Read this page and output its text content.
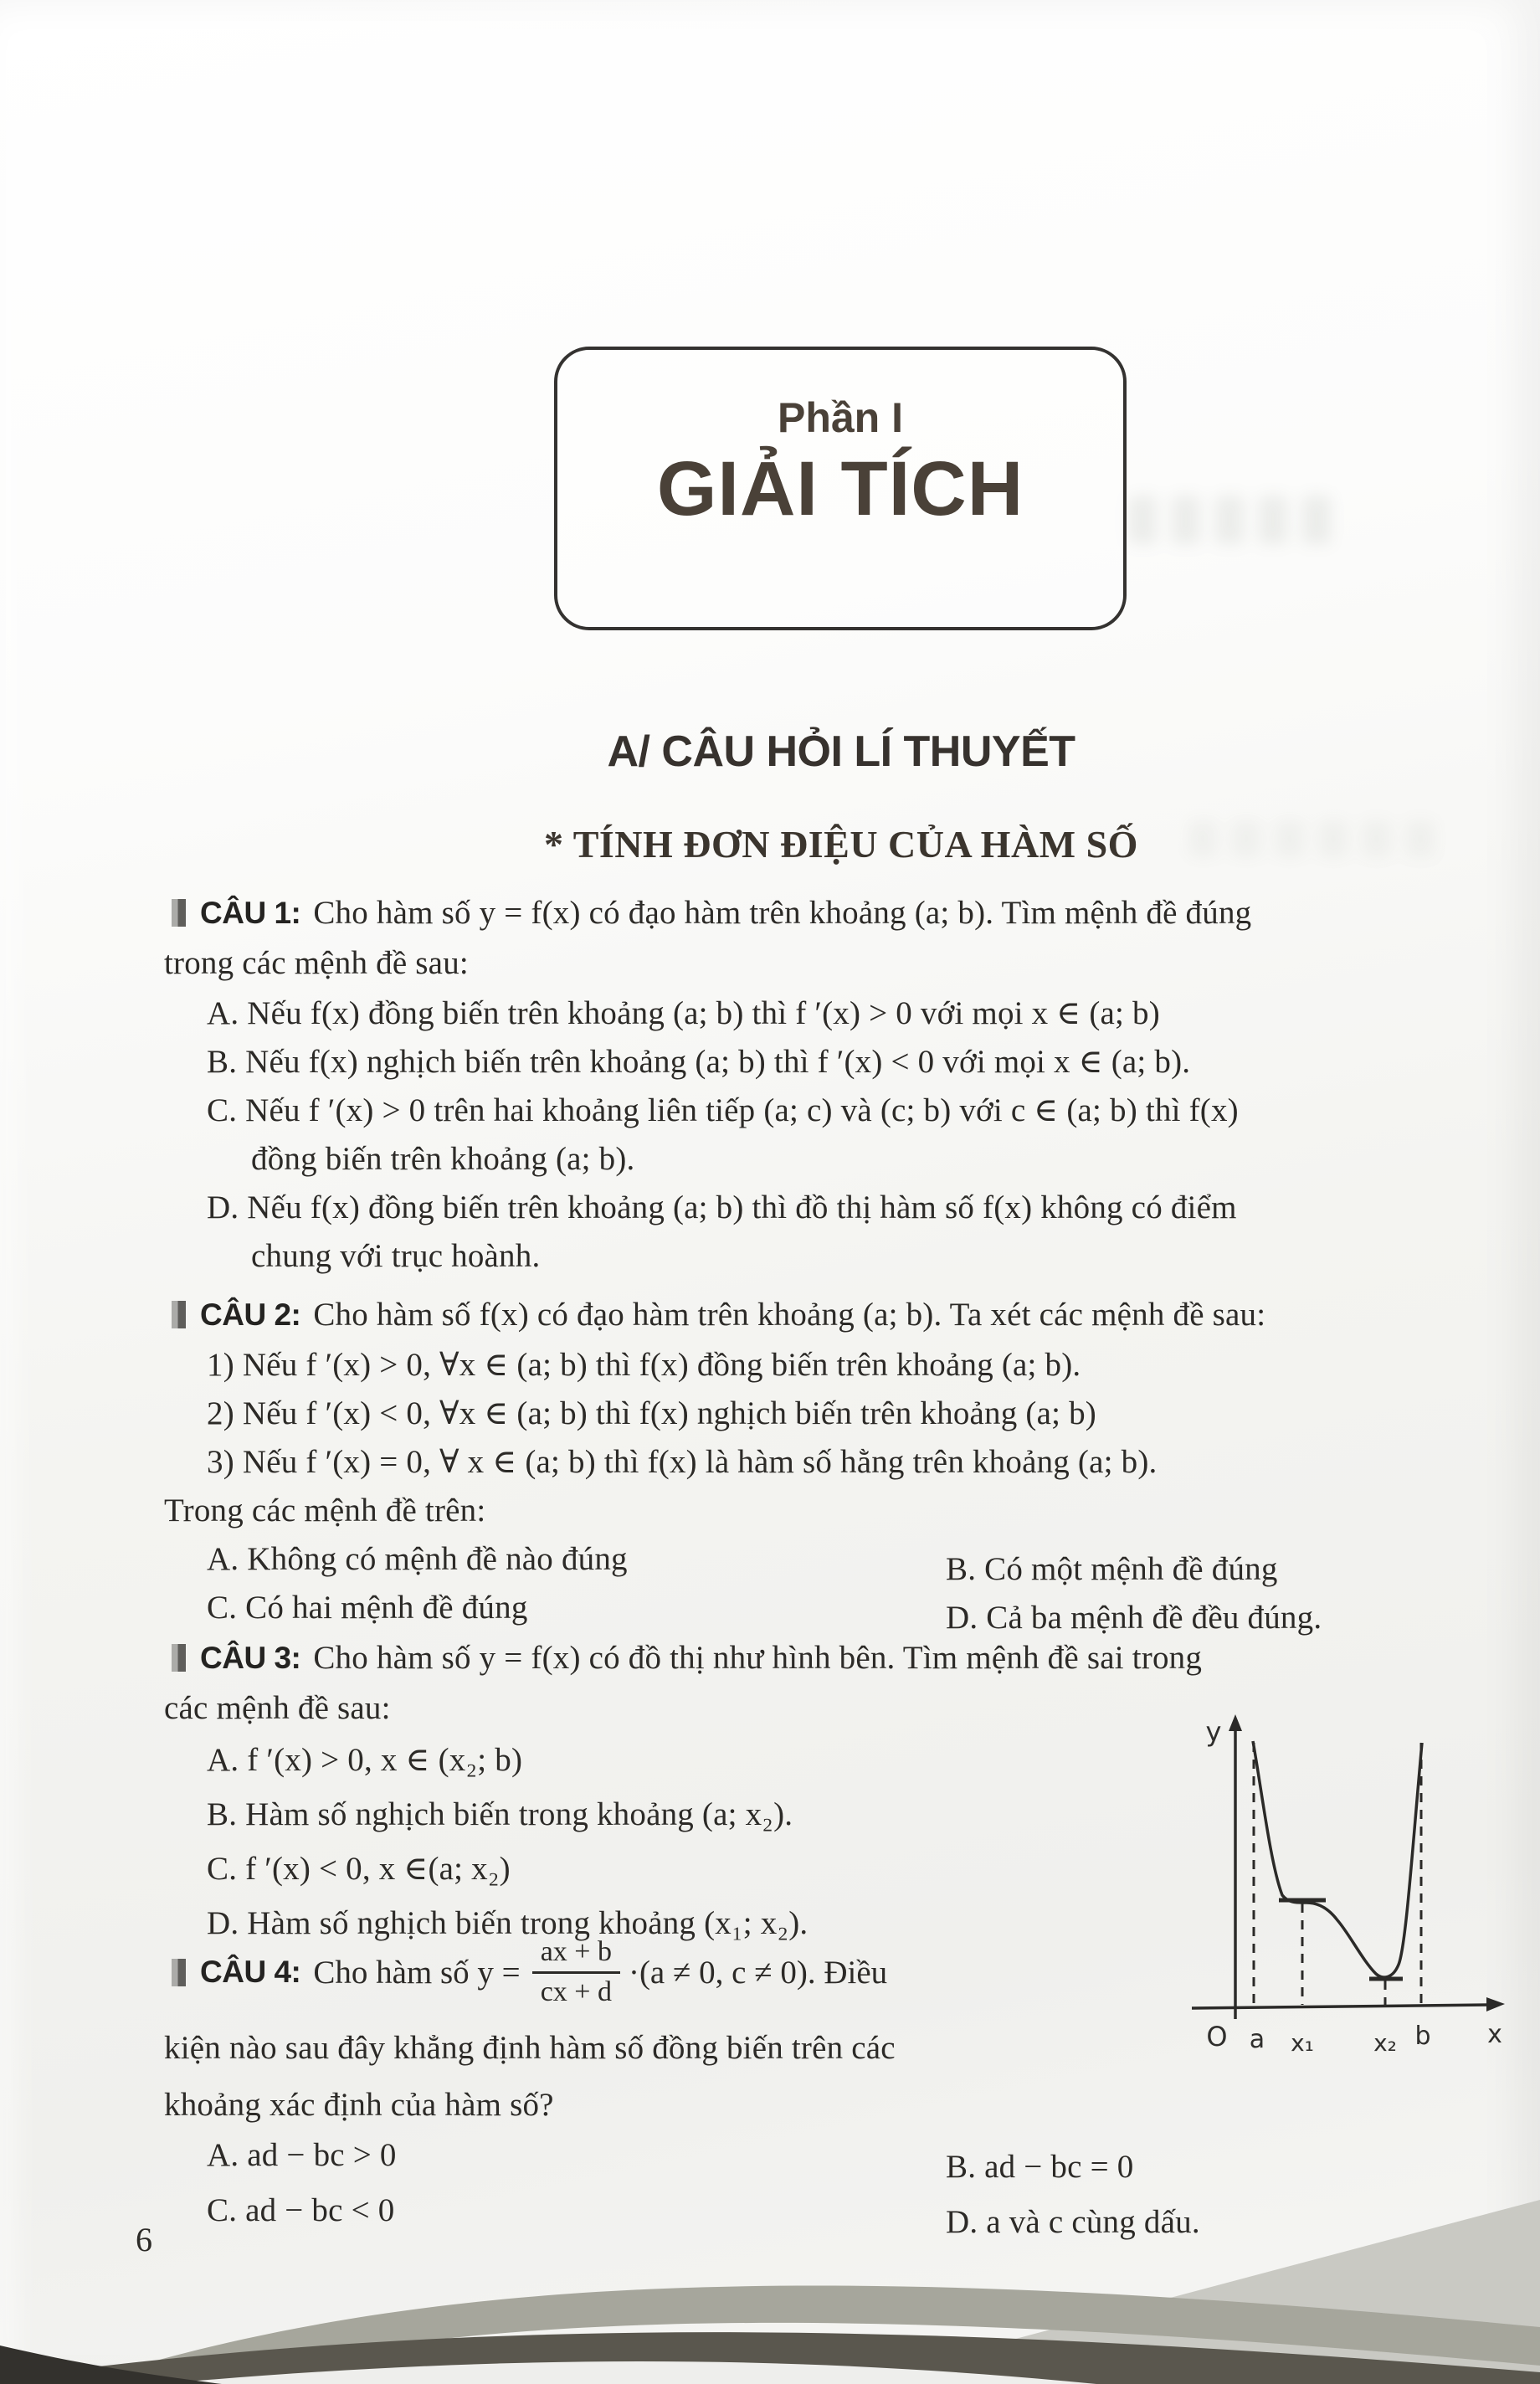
Phần I
GIẢI TÍCH
A/ CÂU HỎI LÍ THUYẾT
* TÍNH ĐƠN ĐIỆU CỦA HÀM SỐ
CÂU 1: Cho hàm số y = f(x) có đạo hàm trên khoảng (a; b). Tìm mệnh đề đúng
trong các mệnh đề sau:
A. Nếu f(x) đồng biến trên khoảng (a; b) thì f ′(x) > 0 với mọi x ∈ (a; b)
B. Nếu f(x) nghịch biến trên khoảng (a; b) thì f ′(x) < 0 với mọi x ∈ (a; b).
C. Nếu f ′(x) > 0 trên hai khoảng liên tiếp (a; c) và (c; b) với c ∈ (a; b) thì f(x)
đồng biến trên khoảng (a; b).
D. Nếu f(x) đồng biến trên khoảng (a; b) thì đồ thị hàm số f(x) không có điểm
chung với trục hoành.
CÂU 2: Cho hàm số f(x) có đạo hàm trên khoảng (a; b). Ta xét các mệnh đề sau:
1) Nếu f ′(x) > 0, ∀x ∈ (a; b) thì f(x) đồng biến trên khoảng (a; b).
2) Nếu f ′(x) < 0, ∀x ∈ (a; b) thì f(x) nghịch biến trên khoảng (a; b)
3) Nếu f ′(x) = 0, ∀ x ∈ (a; b) thì f(x) là hàm số hằng trên khoảng (a; b).
Trong các mệnh đề trên:
A. Không có mệnh đề nào đúng	B. Có một mệnh đề đúng
C. Có hai mệnh đề đúng	D. Cả ba mệnh đề đều đúng.
CÂU 3: Cho hàm số y = f(x) có đồ thị như hình bên. Tìm mệnh đề sai trong
các mệnh đề sau:
A. f ′(x) > 0, x ∈ (x₂; b)
B. Hàm số nghịch biến trong khoảng (a; x₂).
C. f ′(x) < 0, x ∈(a; x₂)
D. Hàm số nghịch biến trong khoảng (x₁; x₂).
y
x
O a x₁	x₂ b
CÂU 4: Cho hàm số $y = \frac{ax + b}{cx + d} \cdot(a \ne 0$, c ≠ 0). Điều
kiện nào sau đây khẳng định hàm số đồng biến trên các
khoảng xác định của hàm số?
A. ad − bc > 0	B. ad − bc = 0
C. ad − bc < 0	D. a và c cùng dấu.
6
